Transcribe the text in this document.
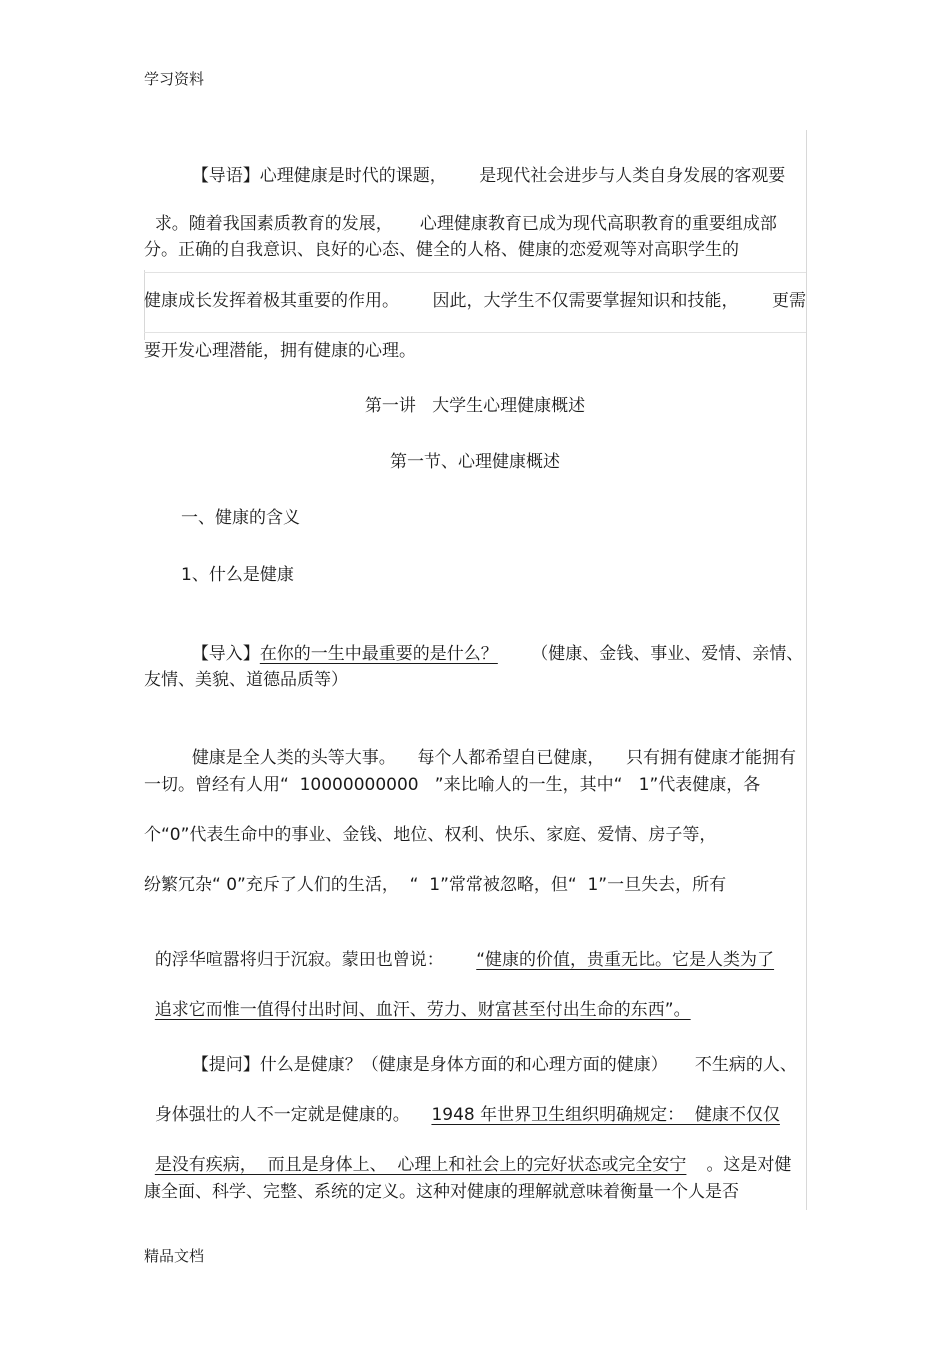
学习资料

【导语】心理健康是时代的课题， 是现代社会进步与人类自身发展的客观要

求。随着我国素质教育的发展， 心理健康教育已成为现代高职教育的重要组成部

分。正确的自我意识、良好的心态、健全的人格、健康的恋爱观等对高职学生的
健康成长发挥着极其重要的作用。 因此，大学生不仅需要掌握知识和技能， 更需
要开发心理潜能，拥有健康的心理。
第一讲   大学生心理健康概述
第一节、心理健康概述
一、健康的含义
1、什么是健康

【导入】在你的一生中最重要的是什么？ （健康、金钱、事业、爱情、亲情、

友情、美貌、道德品质等）

健康是全人类的头等大事。 每个人都希望自已健康， 只有拥有健康才能拥有

一切。曾经有人用“  10000000000   ”来比喻人的一生，其中“   1”代表健康，各
个“0”代表生命中的事业、金钱、地位、权利、快乐、家庭、爱情、房子等，
纷繁冗杂“ 0”充斥了人们的生活，  “  1”常常被忽略，但“  1”一旦失去，所有

的浮华喧嚣将归于沉寂。蒙田也曾说： “健康的价值，贵重无比。它是人类为了

追求它而惟一值得付出时间、血汗、劳力、财富甚至付出生命的东西”。

【提问】什么是健康？（健康是身体方面的和心理方面的健康） 不生病的人、

身体强壮的人不一定就是健康的。 1948 年世界卫生组织明确规定：  健康不仅仅

是没有疾病，  而且是身体上、  心理上和社会上的完好状态或完全安宁 。这是对健

康全面、科学、完整、系统的定义。这种对健康的理解就意味着衡量一个人是否
精品文档
